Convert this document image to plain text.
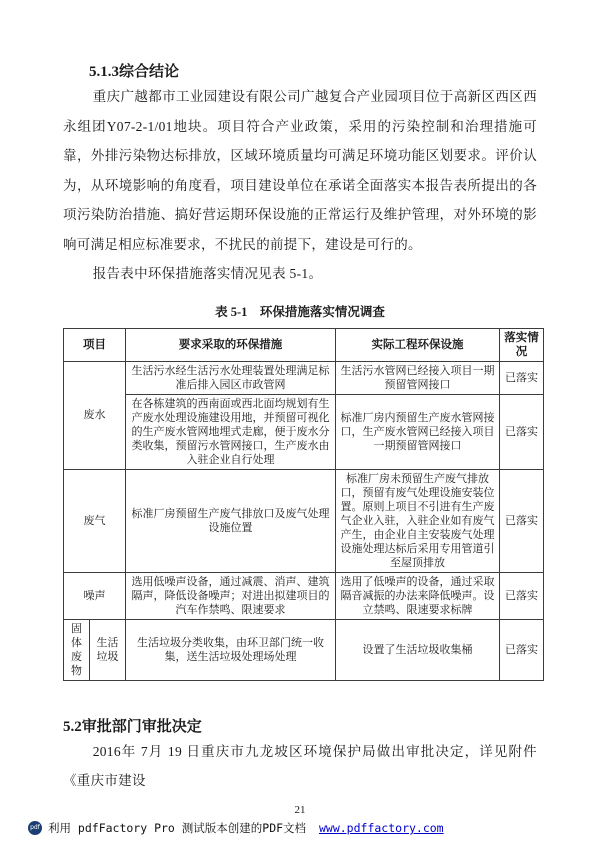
5.1.3综合结论

重庆广越都市工业园建设有限公司广越复合产业园项目位于高新区西区西永组团Y07-2-1/01地块。项目符合产业政策，采用的污染控制和治理措施可靠，外排污染物达标排放，区域环境质量均可满足环境功能区划要求。评价认为，从环境影响的角度看，项目建设单位在承诺全面落实本报告表所提出的各项污染防治措施、搞好营运期环保设施的正常运行及维护管理，对外环境的影响可满足相应标准要求，不扰民的前提下，建设是可行的。

报告表中环保措施落实情况见表 5-1。

表 5-1　环保措施落实情况调查
项目		要求采取的环保措施	实际工程环保设施	落实情况
废水		生活污水经生活污水处理装置处理满足标准后排入园区市政管网	生活污水管网已经接入项目一期预留管网接口	已落实
		在各栋建筑的西南面或西北面均规划有生产废水处理设施建设用地，并预留可视化的生产废水管网地埋式走廊，便于废水分类收集，预留污水管网接口，生产废水由入驻企业自行处理	标准厂房内预留生产废水管网接口，生产废水管网已经接入项目一期预留管网接口	已落实
废气		标准厂房预留生产废气排放口及废气处理设施位置	标准厂房未预留生产废气排放口，预留有废气处理设施安装位置。原则上项目不引进有生产废气企业入驻，入驻企业如有废气产生，由企业自主安装废气处理设施处理达标后采用专用管道引至屋顶排放	已落实
噪声		选用低噪声设备，通过减震、消声、建筑隔声，降低设备噪声；对进出拟建项目的汽车作禁鸣、限速要求	选用了低噪声的设备，通过采取隔音减振的办法来降低噪声。设立禁鸣、限速要求标牌	已落实
固体废物	生活垃圾	生活垃圾分类收集，由环卫部门统一收集，送生活垃圾处理场处理	设置了生活垃圾收集桶	已落实
5.2审批部门审批决定

2016年 7月 19 日重庆市九龙坡区环境保护局做出审批决定，详见附件《重庆市建设

21
pdf 利用 pdfFactory Pro 测试版本创建的PDF文档 www.pdffactory.com
